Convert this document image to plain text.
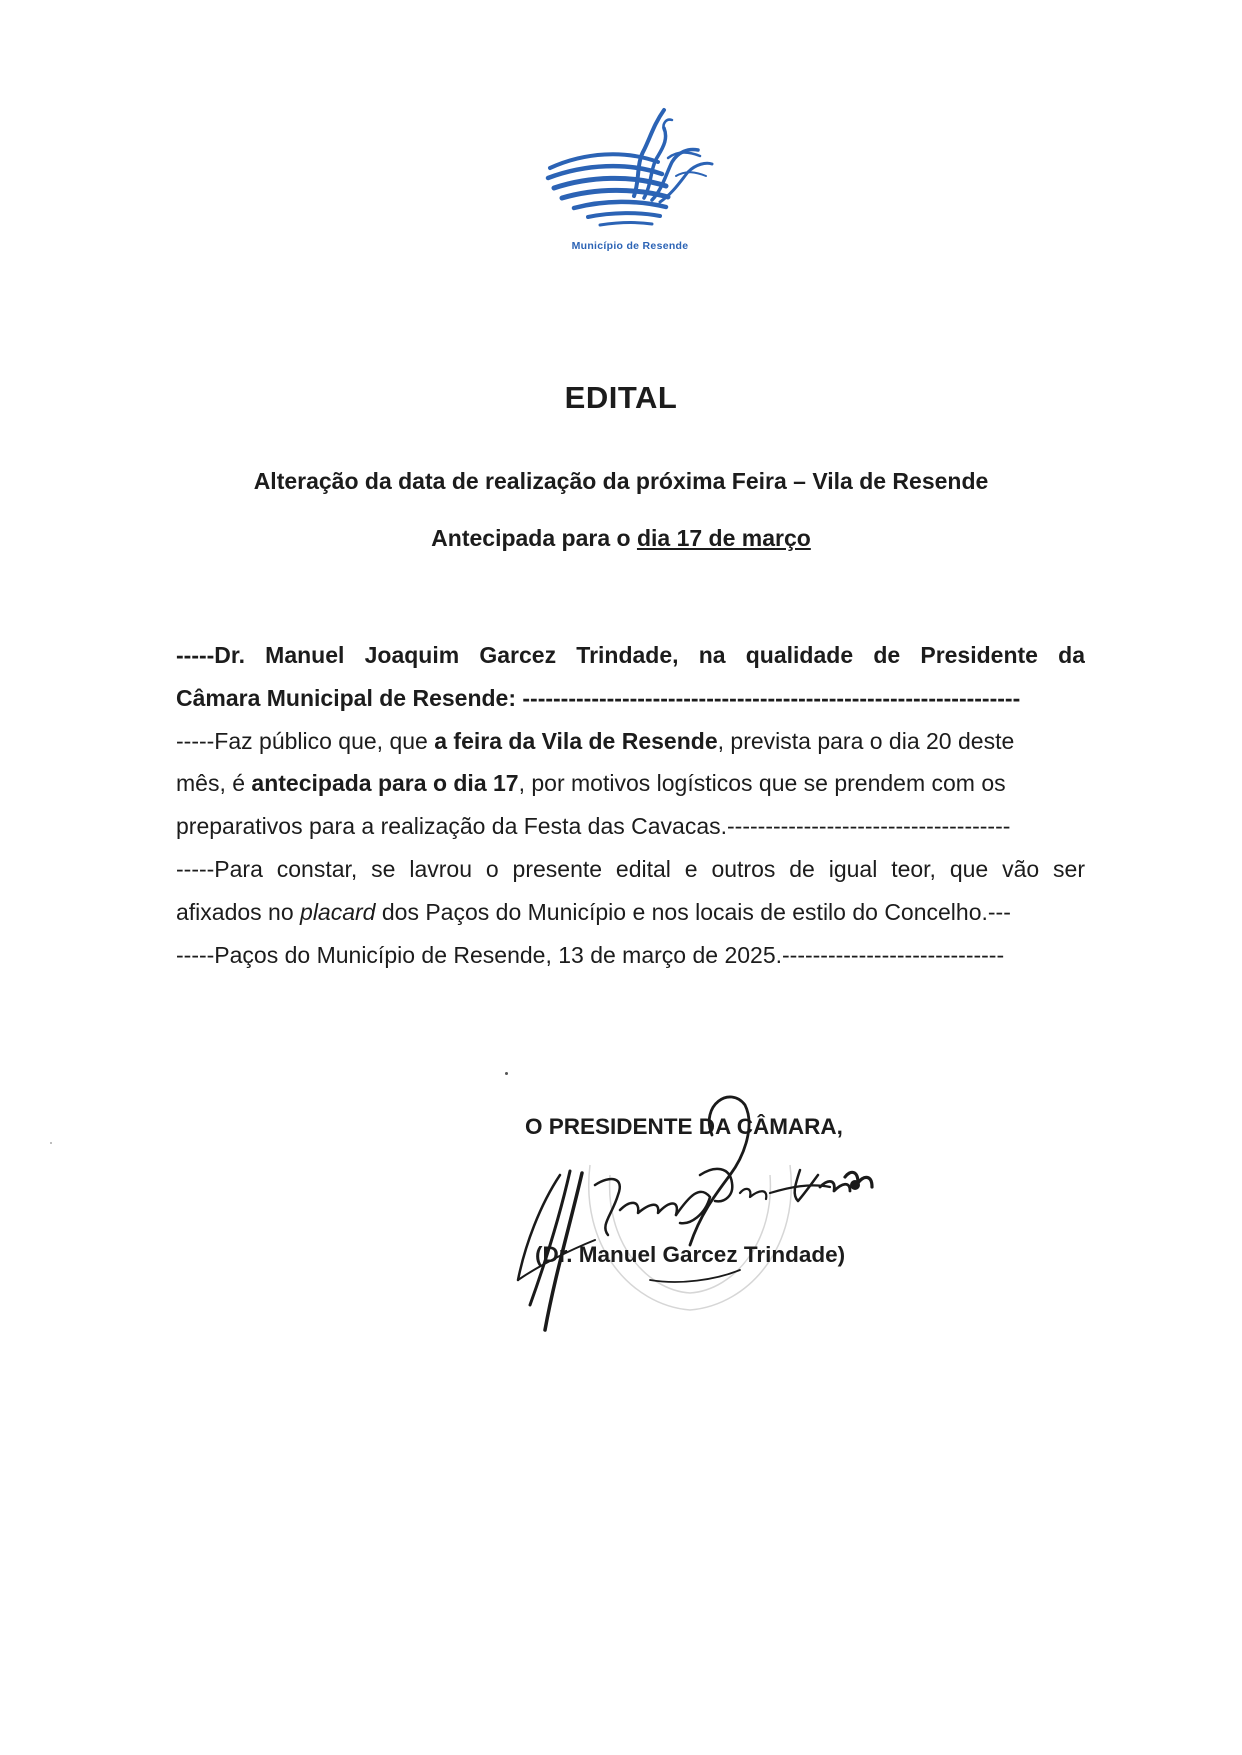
Município de Resende
EDITAL
Alteração da data de realização da próxima Feira – Vila de Resende
Antecipada para o dia 17 de março
-----Dr. Manuel Joaquim Garcez Trindade, na qualidade de Presidente da
Câmara Municipal de Resende: -----------------------------------------------------------------
-----Faz público que, que a feira da Vila de Resende, prevista para o dia 20 deste
mês, é antecipada para o dia 17, por motivos logísticos que se prendem com os
preparativos para a realização da Festa das Cavacas.-------------------------------------
-----Para constar, se lavrou o presente edital e outros de igual teor, que vão ser
afixados no placard dos Paços do Município e nos locais de estilo do Concelho.---
-----Paços do Município de Resende, 13 de março de 2025.-----------------------------
O PRESIDENTE DA CÂMARA,
(Dr. Manuel Garcez Trindade)
